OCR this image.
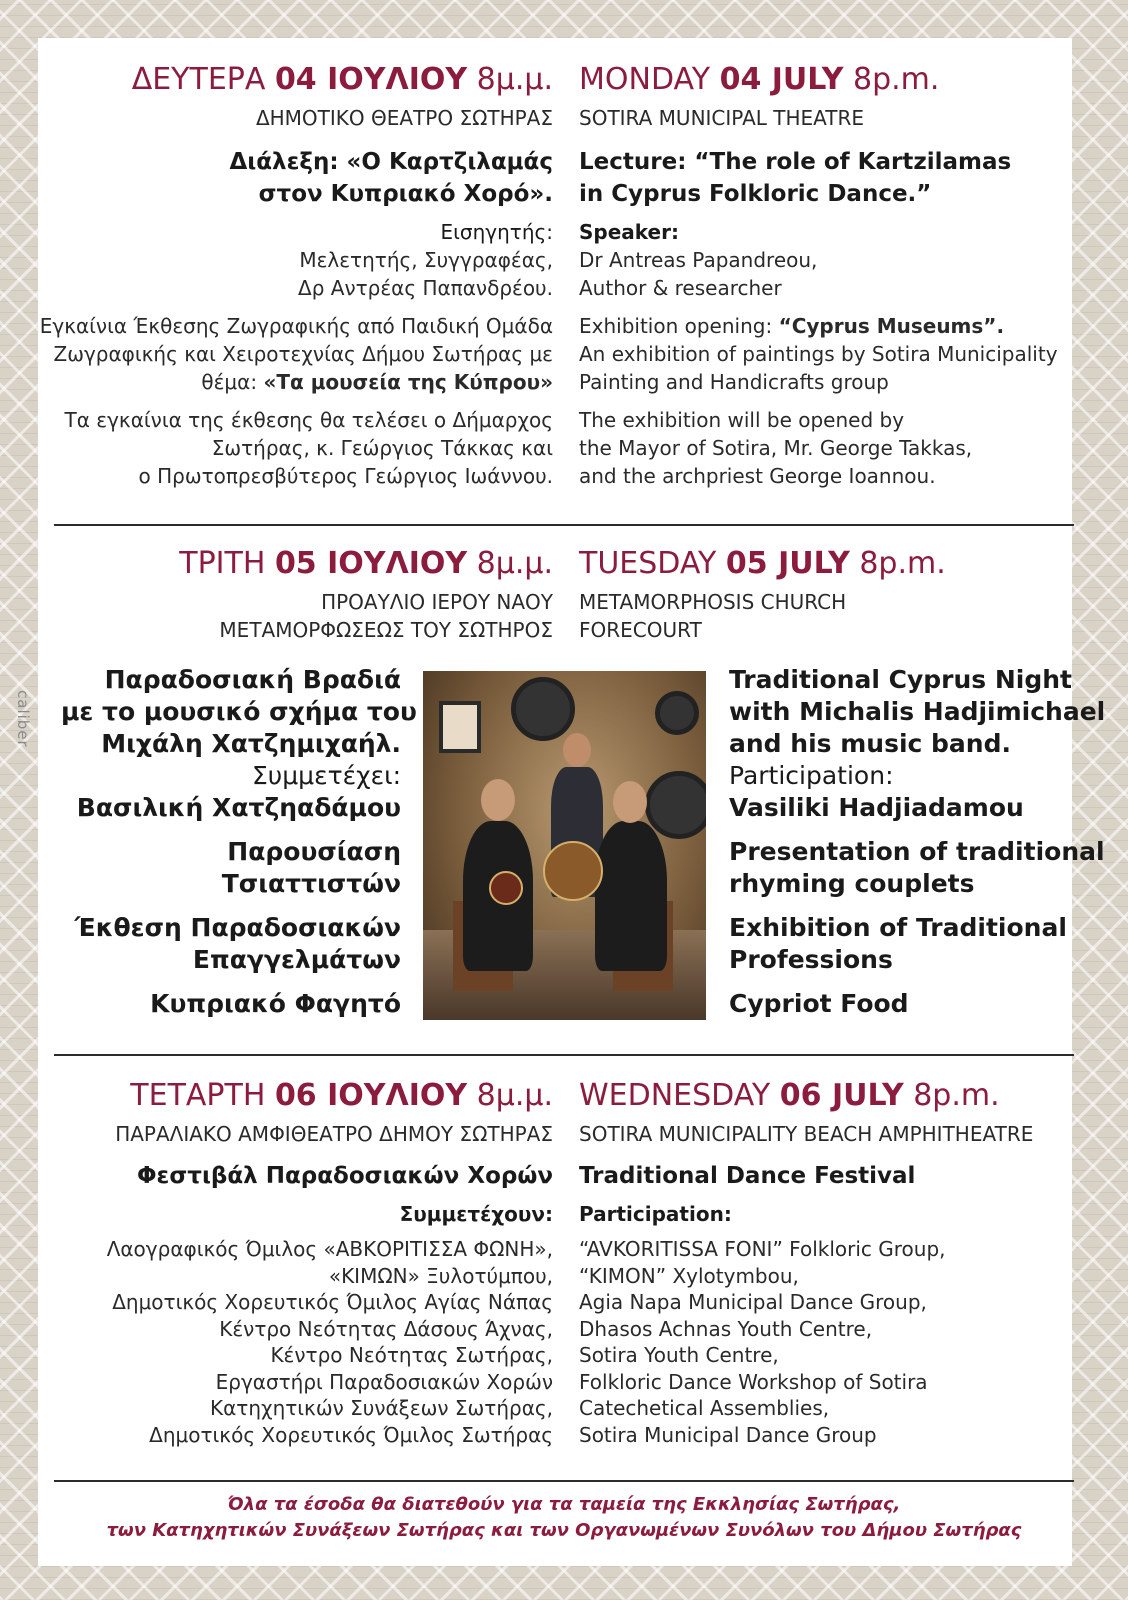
caliber
ΔΕΥΤΕΡΑ 04 ΙΟΥΛΙΟΥ 8μ.μ.
ΔΗΜΟΤΙΚΟ ΘΕΑΤΡΟ ΣΩΤΗΡΑΣ
Διάλεξη: «Ο Καρτζιλαμάς
στον Κυπριακό Χορό».
Εισηγητής:
Μελετητής, Συγγραφέας,
Δρ Αντρέας Παπανδρέου.
Εγκαίνια Έκθεσης Ζωγραφικής από Παιδική Ομάδα
Ζωγραφικής και Χειροτεχνίας Δήμου Σωτήρας με
θέμα: «Τα μουσεία της Κύπρου»
Τα εγκαίνια της έκθεσης θα τελέσει ο Δήμαρχος
Σωτήρας, κ. Γεώργιος Τάκκας και
ο Πρωτοπρεσβύτερος Γεώργιος Ιωάννου.
MONDAY 04 JULY 8p.m.
SOTIRA MUNICIPAL THEATRE
Lecture: “The role of Kartzilamas
in Cyprus Folkloric Dance.”
Speaker:
Dr Antreas Papandreou,
Author & researcher
Exhibition opening: “Cyprus Museums”.
An exhibition of paintings by Sotira Municipality
Painting and Handicrafts group
The exhibition will be opened by
the Mayor of Sotira, Mr. George Takkas,
and the archpriest George Ioannou.
ΤΡΙΤΗ 05 ΙΟΥΛΙΟΥ 8μ.μ.
ΠΡΟΑΥΛΙΟ ΙΕΡΟΥ ΝΑΟΥ
ΜΕΤΑΜΟΡΦΩΣΕΩΣ ΤΟΥ ΣΩΤΗΡΟΣ
TUESDAY 05 JULY 8p.m.
METAMORPHOSIS CHURCH
FORECOURT
Παραδοσιακή Βραδιά
με το μουσικό σχήμα του
Μιχάλη Χατζημιχαήλ.
Συμμετέχει:
Βασιλική Χατζηαδάμου
Παρουσίαση
Τσιαττιστών
Έκθεση Παραδοσιακών
Επαγγελμάτων
Κυπριακό Φαγητό
Traditional Cyprus Night
with Michalis Hadjimichael
and his music band.
Participation:
Vasiliki Hadjiadamou
Presentation of traditional
rhyming couplets
Exhibition of Traditional
Professions
Cypriot Food
ΤΕΤΑΡΤΗ 06 ΙΟΥΛΙΟΥ 8μ.μ.
ΠΑΡΑΛΙΑΚΟ ΑΜΦΙΘΕΑΤΡΟ ΔΗΜΟΥ ΣΩΤΗΡΑΣ
Φεστιβάλ Παραδοσιακών Χορών
Συμμετέχουν:
Λαογραφικός Όμιλος «ΑΒΚΟΡΙΤΙΣΣΑ ΦΩΝΗ»,
«ΚΙΜΩΝ» Ξυλοτύμπου,
Δημοτικός Χορευτικός Όμιλος Αγίας Νάπας
Κέντρο Νεότητας Δάσους Άχνας,
Κέντρο Νεότητας Σωτήρας,
Εργαστήρι Παραδοσιακών Χορών
Κατηχητικών Συνάξεων Σωτήρας,
Δημοτικός Χορευτικός Όμιλος Σωτήρας
WEDNESDAY 06 JULY 8p.m.
SOTIRA MUNICIPALITY BEACH AMPHITHEATRE
Traditional Dance Festival
Participation:
“AVKORITISSA FONI” Folkloric Group,
“KIMON” Xylotymbou,
Agia Napa Municipal Dance Group,
Dhasos Achnas Youth Centre,
Sotira Youth Centre,
Folkloric Dance Workshop of Sotira
Catechetical Assemblies,
Sotira Municipal Dance Group
Όλα τα έσοδα θα διατεθούν για τα ταμεία της Εκκλησίας Σωτήρας,
των Κατηχητικών Συνάξεων Σωτήρας και των Οργανωμένων Συνόλων του Δήμου Σωτήρας
